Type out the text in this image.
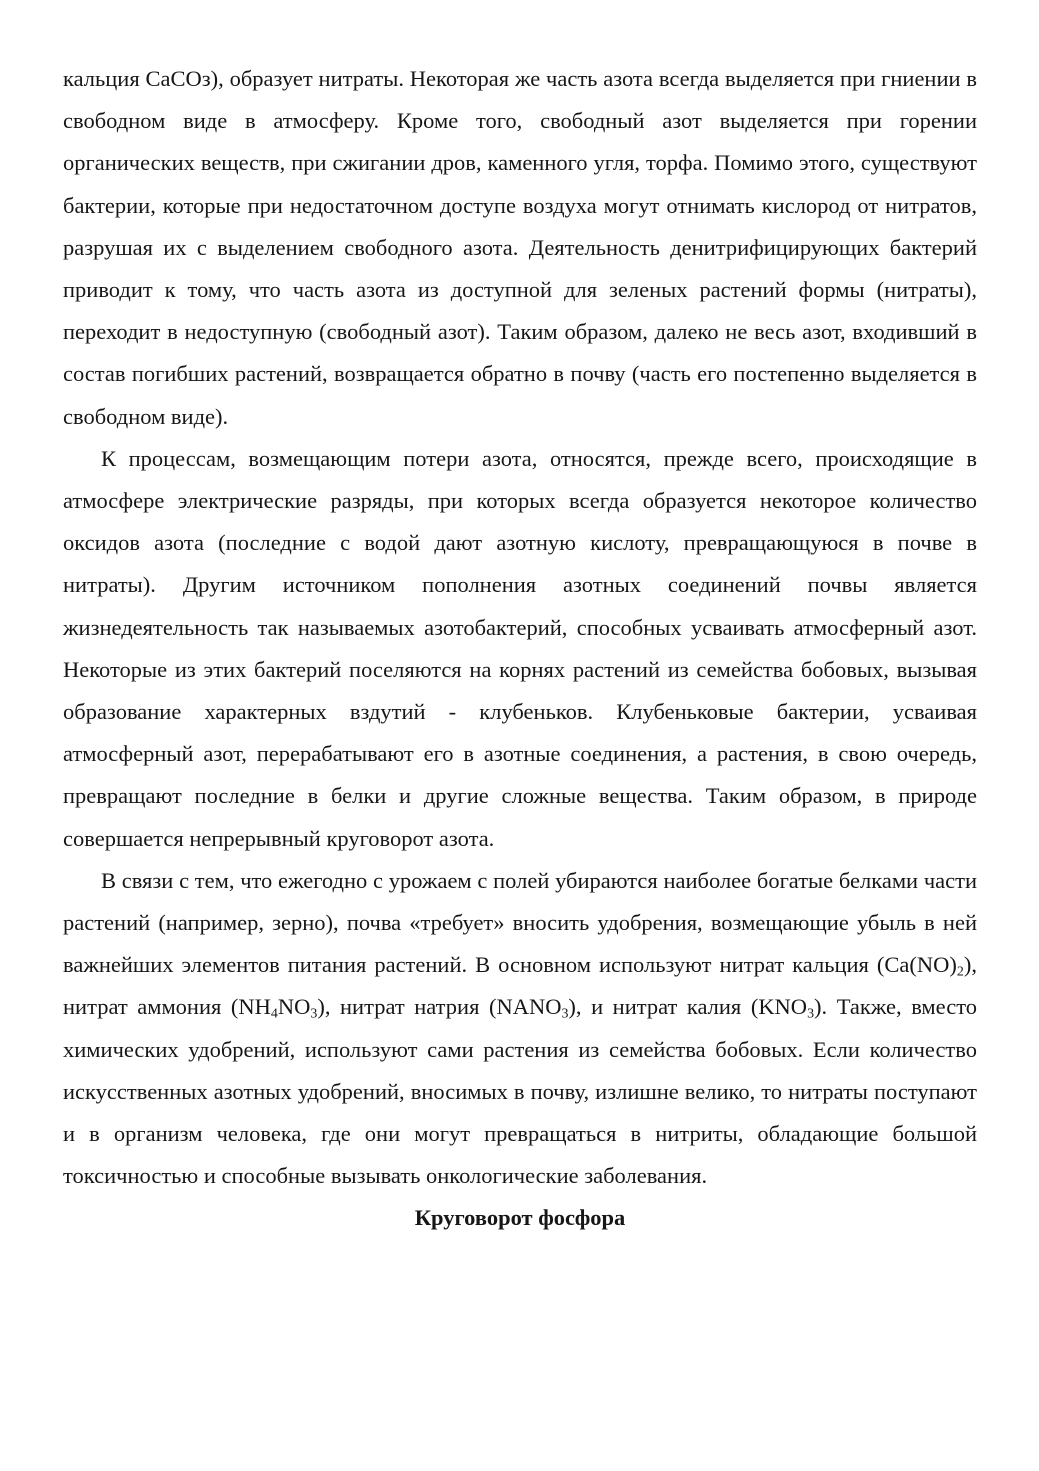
кальция СаСОз), образует нитраты. Некоторая же часть азота всегда выделяется при гниении в свободном виде в атмосферу. Кроме того, свободный азот выделяется при горении органических веществ, при сжигании дров, каменного угля, торфа. Помимо этого, существуют бактерии, которые при недостаточном доступе воздуха могут отнимать кислород от нитратов, разрушая их с выделением свободного азота. Деятельность денитрифицирующих бактерий приводит к тому, что часть азота из доступной для зеленых растений формы (нитраты), переходит в недоступную (свободный азот). Таким образом, далеко не весь азот, входивший в состав погибших растений, возвращается обратно в почву (часть его постепенно выделяется в свободном виде).

К процессам, возмещающим потери азота, относятся, прежде всего, происходящие в атмосфере электрические разряды, при которых всегда образуется некоторое количество оксидов азота (последние с водой дают азотную кислоту, превращающуюся в почве в нитраты). Другим источником пополнения азотных соединений почвы является жизнедеятельность так называемых азотобактерий, способных усваивать атмосферный азот. Некоторые из этих бактерий поселяются на корнях растений из семейства бобовых, вызывая образование характерных вздутий - клубеньков. Клубеньковые бактерии, усваивая атмосферный азот, перерабатывают его в азотные соединения, а растения, в свою очередь, превращают последние в белки и другие сложные вещества. Таким образом, в природе совершается непрерывный круговорот азота.

В связи с тем, что ежегодно с урожаем с полей убираются наиболее богатые белками части растений (например, зерно), почва «требует» вносить удобрения, возмещающие убыль в ней важнейших элементов питания растений. В основном используют нитрат кальция $(Ca(NO)_2)$, нитрат аммония $(NH_4NO_3)$, нитрат натрия $(NANO_3)$, и нитрат калия $(KNO_3)$. Также, вместо химических удобрений, используют сами растения из семейства бобовых. Если количество искусственных азотных удобрений, вносимых в почву, излишне велико, то нитраты поступают и в организм человека, где они могут превращаться в нитриты, обладающие большой токсичностью и способные вызывать онкологические заболевания.

Круговорот фосфора
